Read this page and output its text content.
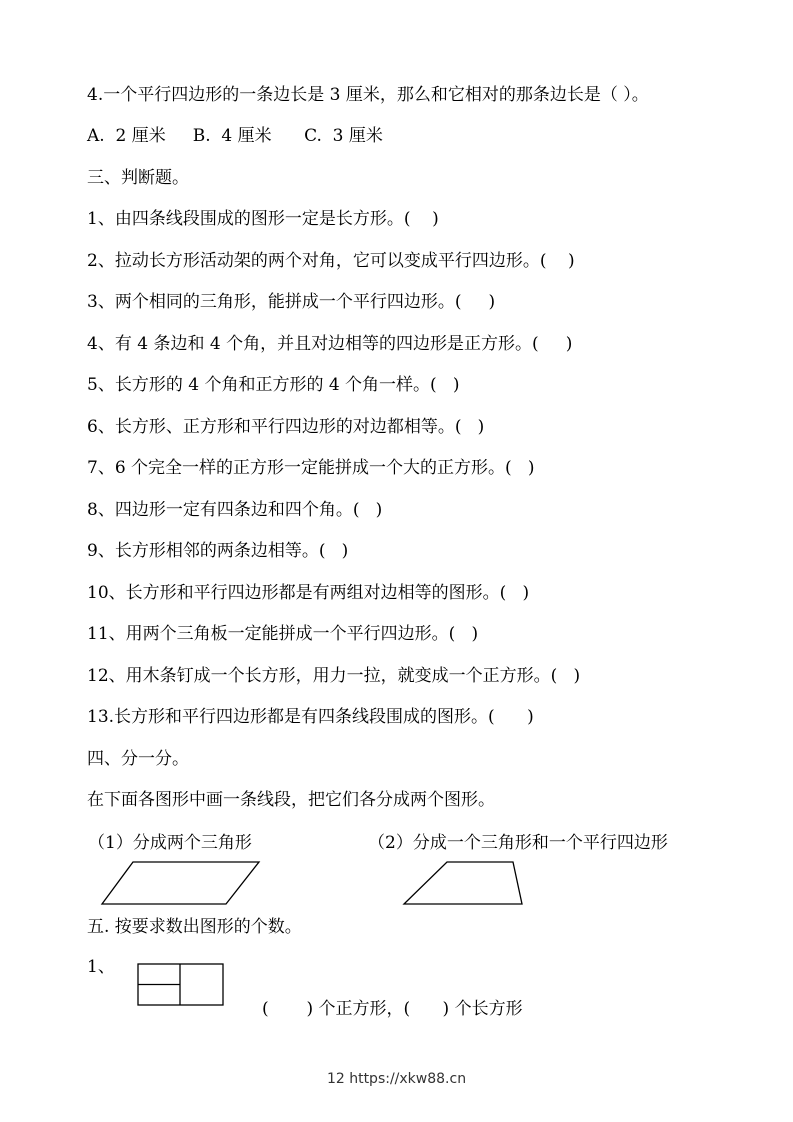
4.一个平行四边形的一条边长是 3 厘米，那么和它相对的那条边长是（ ）。
A.  2 厘米     B.  4 厘米      C.  3 厘米
三、判断题。
1、由四条线段围成的图形一定是长方形。(    )
2、拉动长方形活动架的两个对角，它可以变成平行四边形。(    )
3、两个相同的三角形，能拼成一个平行四边形。(     )
4、有 4 条边和 4 个角，并且对边相等的四边形是正方形。(     )
5、长方形的 4 个角和正方形的 4 个角一样。(   )
6、长方形、正方形和平行四边形的对边都相等。(   )
7、6 个完全一样的正方形一定能拼成一个大的正方形。(   )
8、四边形一定有四条边和四个角。(   )
9、长方形相邻的两条边相等。(   )
10、长方形和平行四边形都是有两组对边相等的图形。(   )
11、用两个三角板一定能拼成一个平行四边形。(   )
12、用木条钉成一个长方形，用力一拉，就变成一个正方形。(   )
13.长方形和平行四边形都是有四条线段围成的图形。(      )
四、分一分。
在下面各图形中画一条线段，把它们各分成两个图形。
（1）分成两个三角形	（2）分成一个三角形和一个平行四边形
五. 按要求数出图形的个数。
1、
(       ) 个正方形，(      ) 个长方形
12 https://xkw88.cn
